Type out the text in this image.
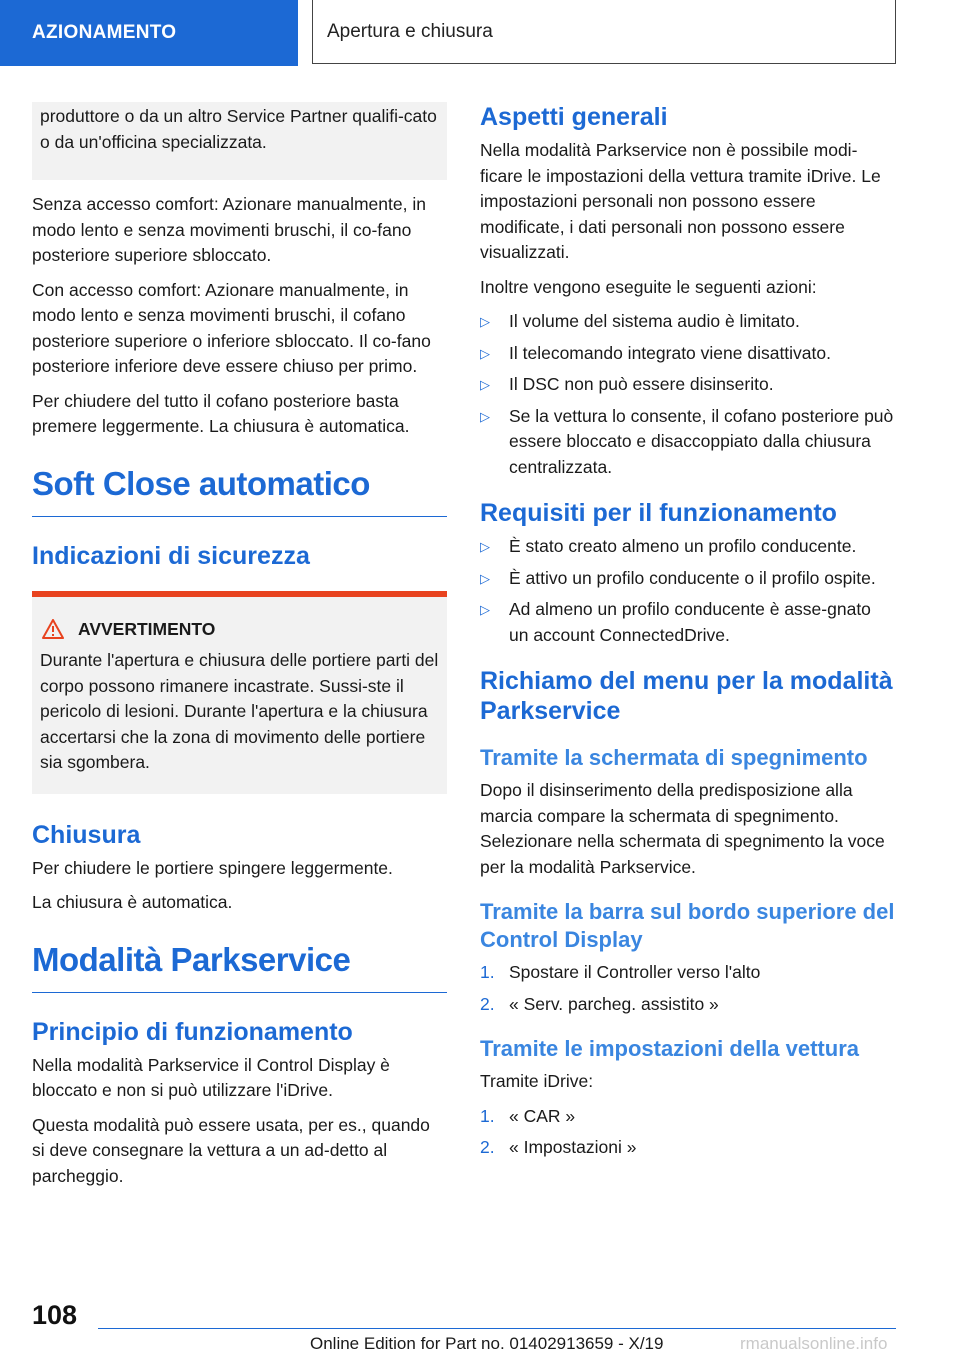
AZIONAMENTO	Apertura e chiusura

produttore o da un altro Service Partner qualifi-cato o da un'officina specializzata.

Senza accesso comfort: Azionare manualmente, in modo lento e senza movimenti bruschi, il co-fano posteriore superiore sbloccato.

Con accesso comfort: Azionare manualmente, in modo lento e senza movimenti bruschi, il cofano posteriore superiore o inferiore sbloccato. Il co-fano posteriore inferiore deve essere chiuso per primo.

Per chiudere del tutto il cofano posteriore basta premere leggermente. La chiusura è automatica.

Soft Close automatico
Indicazioni di sicurezza
AVVERTIMENTO
Durante l'apertura e chiusura delle portiere parti del corpo possono rimanere incastrate. Sussi-ste il pericolo di lesioni. Durante l'apertura e la chiusura accertarsi che la zona di movimento delle portiere sia sgombera.
Chiusura

Per chiudere le portiere spingere leggermente.

La chiusura è automatica.

Modalità Parkservice
Principio di funzionamento

Nella modalità Parkservice il Control Display è bloccato e non si può utilizzare l'iDrive.

Questa modalità può essere usata, per es., quando si deve consegnare la vettura a un ad-detto al parcheggio.

Aspetti generali

Nella modalità Parkservice non è possibile modi-ficare le impostazioni della vettura tramite iDrive. Le impostazioni personali non possono essere modificate, i dati personali non possono essere visualizzati.

Inoltre vengono eseguite le seguenti azioni:

▷ Il volume del sistema audio è limitato.
▷ Il telecomando integrato viene disattivato.
▷ Il DSC non può essere disinserito.
▷ Se la vettura lo consente, il cofano posteriore può essere bloccato e disaccoppiato dalla chiusura centralizzata.
Requisiti per il funzionamento
▷ È stato creato almeno un profilo conducente.
▷ È attivo un profilo conducente o il profilo ospite.
▷ Ad almeno un profilo conducente è asse-gnato un account ConnectedDrive.
Richiamo del menu per la modalità Parkservice
Tramite la schermata di spegnimento

Dopo il disinserimento della predisposizione alla marcia compare la schermata di spegnimento. Selezionare nella schermata di spegnimento la voce per la modalità Parkservice.

Tramite la barra sul bordo superiore del Control Display
1. Spostare il Controller verso l'alto
2. « Serv. parcheg. assistito »
Tramite le impostazioni della vettura

Tramite iDrive:

1. « CAR »
2. « Impostazioni »
108
Online Edition for Part no. 01402913659 - X/19	rmanualsonline.info
